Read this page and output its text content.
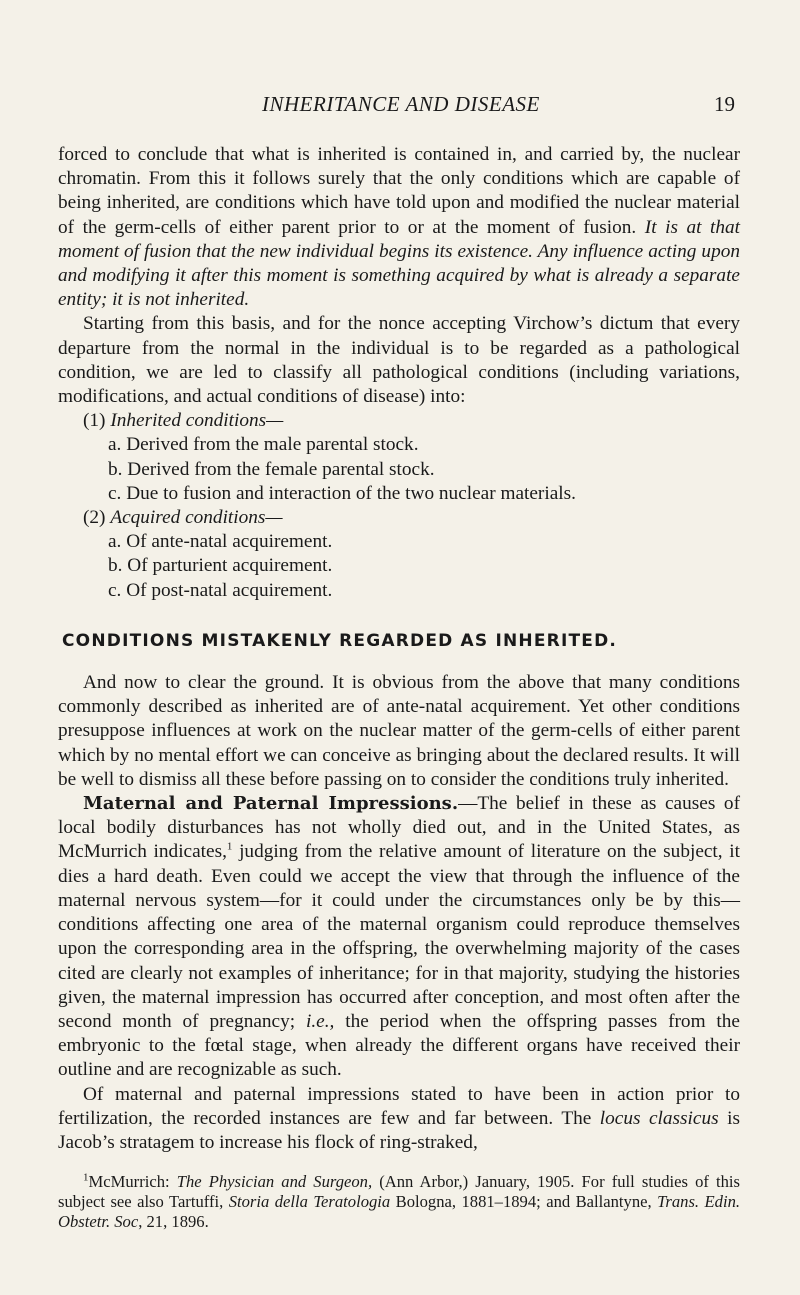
INHERITANCE AND DISEASE	19

forced to conclude that what is inherited is contained in, and carried by, the nuclear chromatin. From this it follows surely that the only conditions which are capable of being inherited, are conditions which have told upon and modified the nuclear material of the germ-cells of either parent prior to or at the moment of fusion. It is at that moment of fusion that the new individual begins its existence. Any influence acting upon and modifying it after this moment is something acquired by what is already a separate entity; it is not inherited.

Starting from this basis, and for the nonce accepting Virchow’s dictum that every departure from the normal in the individual is to be regarded as a pathological condition, we are led to classify all pathological conditions (including variations, modifications, and actual conditions of disease) into:

(1) Inherited conditions—
a. Derived from the male parental stock.
b. Derived from the female parental stock.
c. Due to fusion and interaction of the two nuclear materials.
(2) Acquired conditions—
a. Of ante-natal acquirement.
b. Of parturient acquirement.
c. Of post-natal acquirement.
CONDITIONS MISTAKENLY REGARDED AS INHERITED.

And now to clear the ground. It is obvious from the above that many conditions commonly described as inherited are of ante-natal acquirement. Yet other conditions presuppose influences at work on the nuclear matter of the germ-cells of either parent which by no mental effort we can conceive as bringing about the declared results. It will be well to dismiss all these before passing on to consider the conditions truly inherited.

Maternal and Paternal Impressions.—The belief in these as causes of local bodily disturbances has not wholly died out, and in the United States, as McMurrich indicates,$^1$ judging from the relative amount of literature on the subject, it dies a hard death. Even could we accept the view that through the influence of the maternal nervous system—for it could under the circumstances only be by this—conditions affecting one area of the maternal organism could reproduce themselves upon the corresponding area in the offspring, the overwhelming majority of the cases cited are clearly not examples of inheritance; for in that majority, studying the histories given, the maternal impression has occurred after conception, and most often after the second month of pregnancy; i.e., the period when the offspring passes from the embryonic to the fœtal stage, when already the different organs have received their outline and are recognizable as such.

Of maternal and paternal impressions stated to have been in action prior to fertilization, the recorded instances are few and far between. The locus classicus is Jacob’s stratagem to increase his flock of ring-straked,

$^1$McMurrich: The Physician and Surgeon, (Ann Arbor,) January, 1905. For full studies of this subject see also Tartuffi, Storia della Teratologia Bologna, 1881–1894; and Ballantyne, Trans. Edin. Obstetr. Soc, 21, 1896.
